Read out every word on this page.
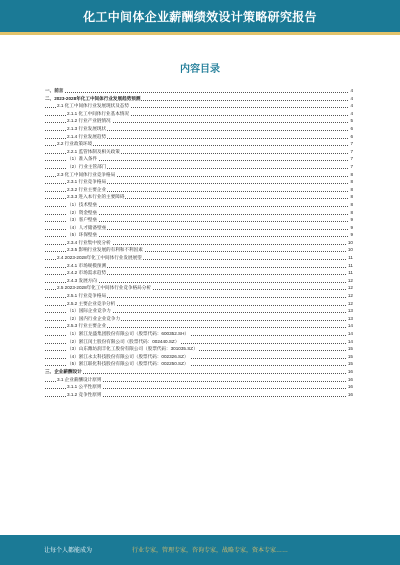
化工中间体企业薪酬绩效设计策略研究报告
内容目录
一、前言	4
二、2023-2028年化工中间体行业发展趋势预测	4
2.1 化工中间体行业发展现状及态势	4
2.1.1 化工中间体行业基本情况	4
2.1.2 行业产业链情况	5
2.1.3 行业发展现状	6
2.1.4 行业发展趋势	6
2.2 行业政策环境	7
2.2.1 监管体制及相关政策	7
（1）准入条件	7
（2）行业主管部门	7
2.3 化工中间体行业竞争格局	8
2.3.1 行业竞争格局	8
2.3.2 行业主要企业	8
2.3.3 进入本行业的主要障碍	8
（1）技术壁垒	8
（2）资金壁垒	8
（3）客户壁垒	9
（4）人才储备壁垒	9
（5）环保壁垒	9
2.3.4 行业集中度分析	10
2.3.5 影响行业发展的有利和不利因素	10
2.4 2023-2028年化工中间体行业发展展望	11
2.4.1 市场规模预测	11
2.4.2 市场需求趋势	11
2.4.3 发展方向	12
2.5 2023-2028年化工中间体行业竞争格局分析	12
2.5.1 行业竞争格局	12
2.5.2 主要企业竞争分析	12
（1）国际企业竞争力	13
（2）国内行业企业竞争力	13
2.5.3 行业主要企业	14
（1）浙江龙盛集团股份有限公司（股票代码：600352.SH）	14
（2）浙江闰土股份有限公司（股票代码：002440.SZ）	14
（3）山东潍坊润丰化工股份有限公司（股票代码：301035.SZ）	15
（4）浙江永太科技股份有限公司（股票代码：002326.SZ）	15
（5）浙江联化科技股份有限公司（股票代码：002250.SZ）	15
三、企业薪酬设计	16
3.1 企业薪酬设计原则	16
3.1.1 公平性原则	16
3.1.2 竞争性原则	16
让每个人都能成为	行业专家，管理专家，咨询专家，战略专家，资本专家……
